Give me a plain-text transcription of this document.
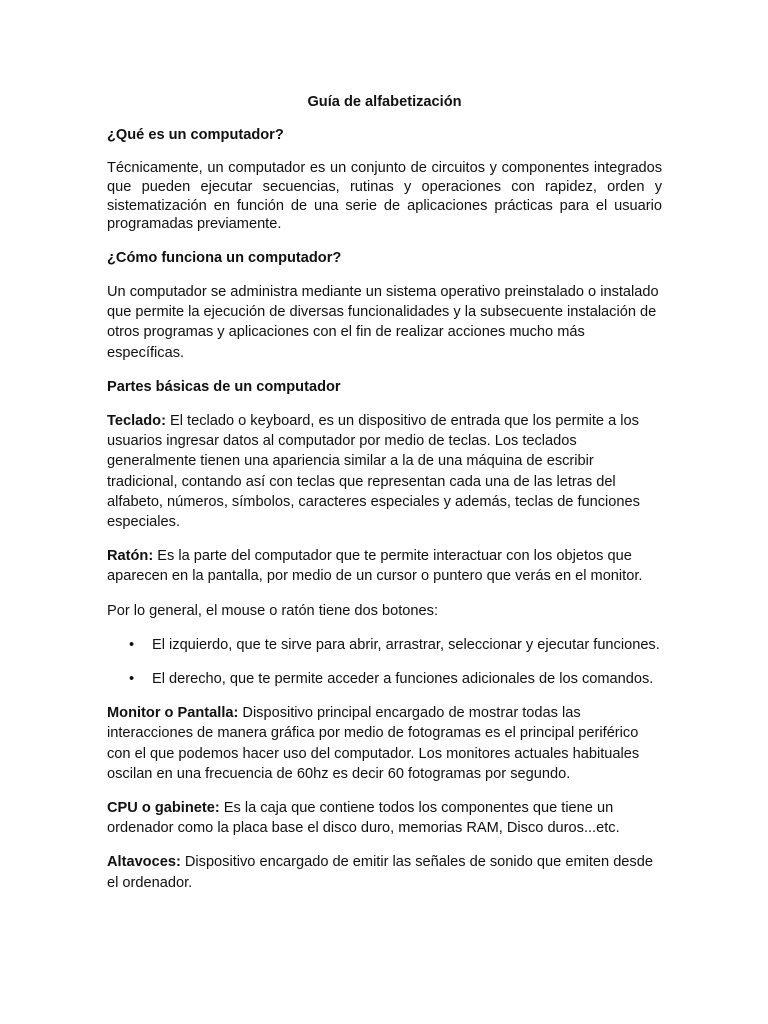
Guía de alfabetización
¿Qué es un computador?

Técnicamente, un computador es un conjunto de circuitos y componentes integrados que pueden ejecutar secuencias, rutinas y operaciones con rapidez, orden y sistematización en función de una serie de aplicaciones prácticas para el usuario programadas previamente.

¿Cómo funciona un computador?

Un computador se administra mediante un sistema operativo preinstalado o instalado que permite la ejecución de diversas funcionalidades y la subsecuente instalación de otros programas y aplicaciones con el fin de realizar acciones mucho más específicas.

Partes básicas de un computador

Teclado: El teclado o keyboard, es un dispositivo de entrada que los permite a los usuarios ingresar datos al computador por medio de teclas. Los teclados generalmente tienen una apariencia similar a la de una máquina de escribir tradicional, contando así con teclas que representan cada una de las letras del alfabeto, números, símbolos, caracteres especiales y además, teclas de funciones especiales.

Ratón: Es la parte del computador que te permite interactuar con los objetos que aparecen en la pantalla, por medio de un cursor o puntero que verás en el monitor.

Por lo general, el mouse o ratón tiene dos botones:

• El izquierdo, que te sirve para abrir, arrastrar, seleccionar y ejecutar funciones.
• El derecho, que te permite acceder a funciones adicionales de los comandos.

Monitor o Pantalla: Dispositivo principal encargado de mostrar todas las interacciones de manera gráfica por medio de fotogramas es el principal periférico con el que podemos hacer uso del computador. Los monitores actuales habituales oscilan en una frecuencia de 60hz es decir 60 fotogramas por segundo.

CPU o gabinete: Es la caja que contiene todos los componentes que tiene un ordenador como la placa base el disco duro, memorias RAM, Disco duros...etc.

Altavoces: Dispositivo encargado de emitir las señales de sonido que emiten desde el ordenador.
